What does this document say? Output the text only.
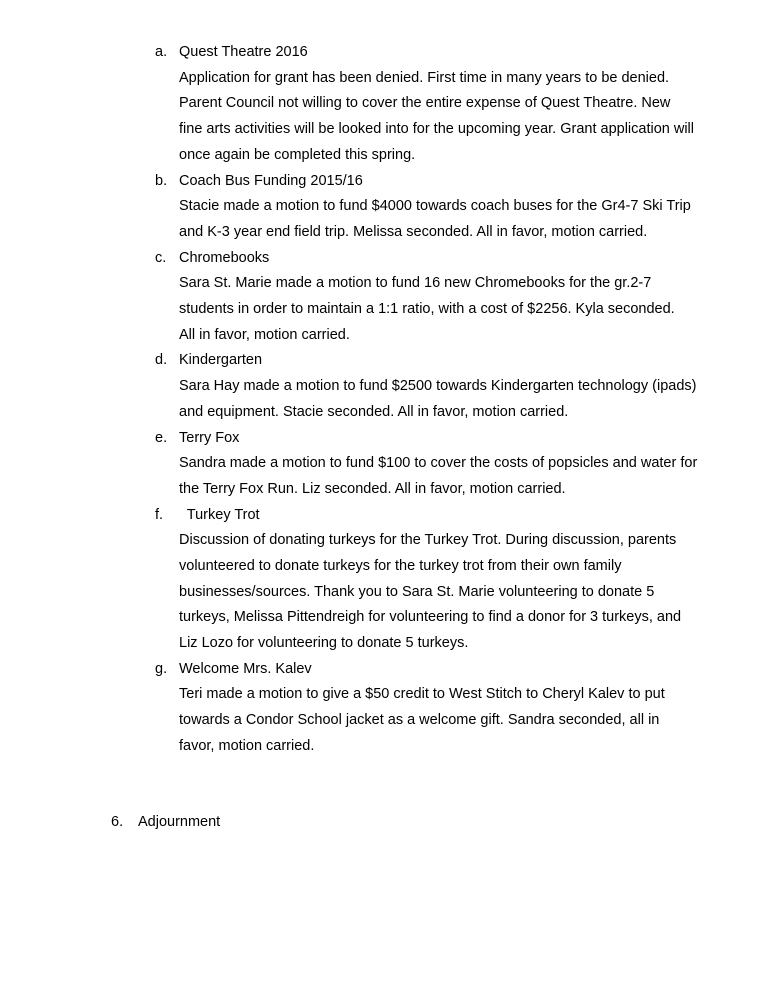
a. Quest Theatre 2016
Application for grant has been denied. First time in many years to be denied.
Parent Council not willing to cover the entire expense of Quest Theatre. New
fine arts activities will be looked into for the upcoming year. Grant application will
once again be completed this spring.
b. Coach Bus Funding 2015/16
Stacie made a motion to fund $4000 towards coach buses for the Gr4-7 Ski Trip
and K-3 year end field trip. Melissa seconded. All in favor, motion carried.
c. Chromebooks
Sara St. Marie made a motion to fund 16 new Chromebooks for the gr.2-7
students in order to maintain a 1:1 ratio, with a cost of $2256. Kyla seconded.
All in favor, motion carried.
d. Kindergarten
Sara Hay made a motion to fund $2500 towards Kindergarten technology (ipads)
and equipment. Stacie seconded. All in favor, motion carried.
e. Terry Fox
Sandra made a motion to fund $100 to cover the costs of popsicles and water for
the Terry Fox Run. Liz seconded. All in favor, motion carried.
f. Turkey Trot
Discussion of donating turkeys for the Turkey Trot. During discussion, parents
volunteered to donate turkeys for the turkey trot from their own family
businesses/sources. Thank you to Sara St. Marie volunteering to donate 5
turkeys, Melissa Pittendreigh for volunteering to find a donor for 3 turkeys, and
Liz Lozo for volunteering to donate 5 turkeys.
g. Welcome Mrs. Kalev
Teri made a motion to give a $50 credit to West Stitch to Cheryl Kalev to put
towards a Condor School jacket as a welcome gift. Sandra seconded, all in
favor, motion carried.
6. Adjournment
